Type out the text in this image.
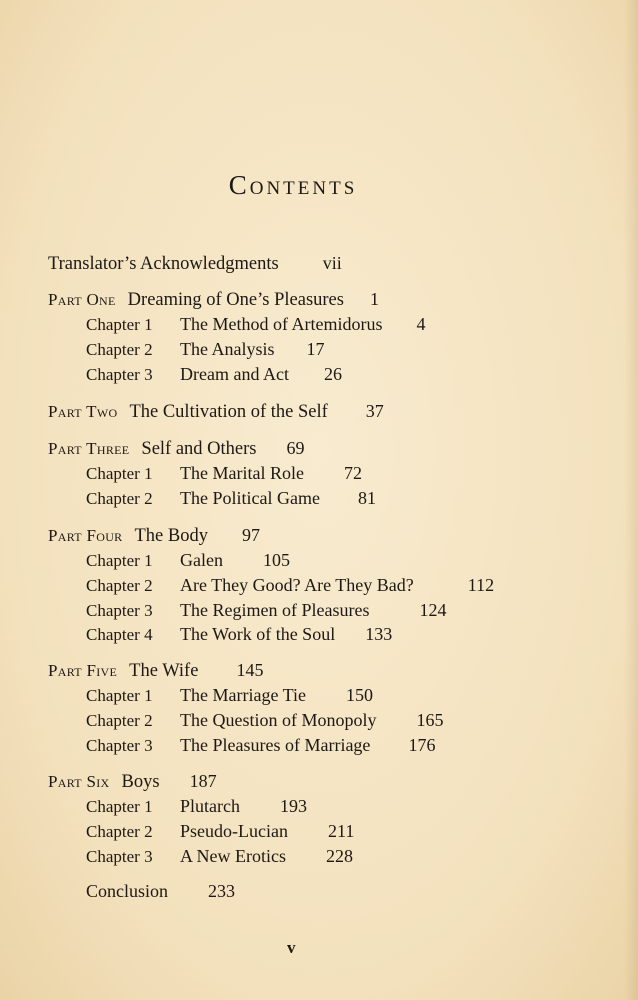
Contents
Translator’s Acknowledgments vii
Part One Dreaming of One’s Pleasures 1
Chapter 1 The Method of Artemidorus 4
Chapter 2 The Analysis 17
Chapter 3 Dream and Act 26
Part Two The Cultivation of the Self 37
Part Three Self and Others 69
Chapter 1 The Marital Role 72
Chapter 2 The Political Game 81
Part Four The Body 97
Chapter 1 Galen 105
Chapter 2 Are They Good? Are They Bad?	112
Chapter 3 The Regimen of Pleasures	124
Chapter 4 The Work of the Soul 133
Part Five The Wife 145
Chapter 1 The Marriage Tie 150
Chapter 2 The Question of Monopoly 165
Chapter 3 The Pleasures of Marriage 176
Part Six Boys 187
Chapter 1 Plutarch 193
Chapter 2 Pseudo-Lucian 211
Chapter 3 A New Erotics 228
Conclusion 233
v
